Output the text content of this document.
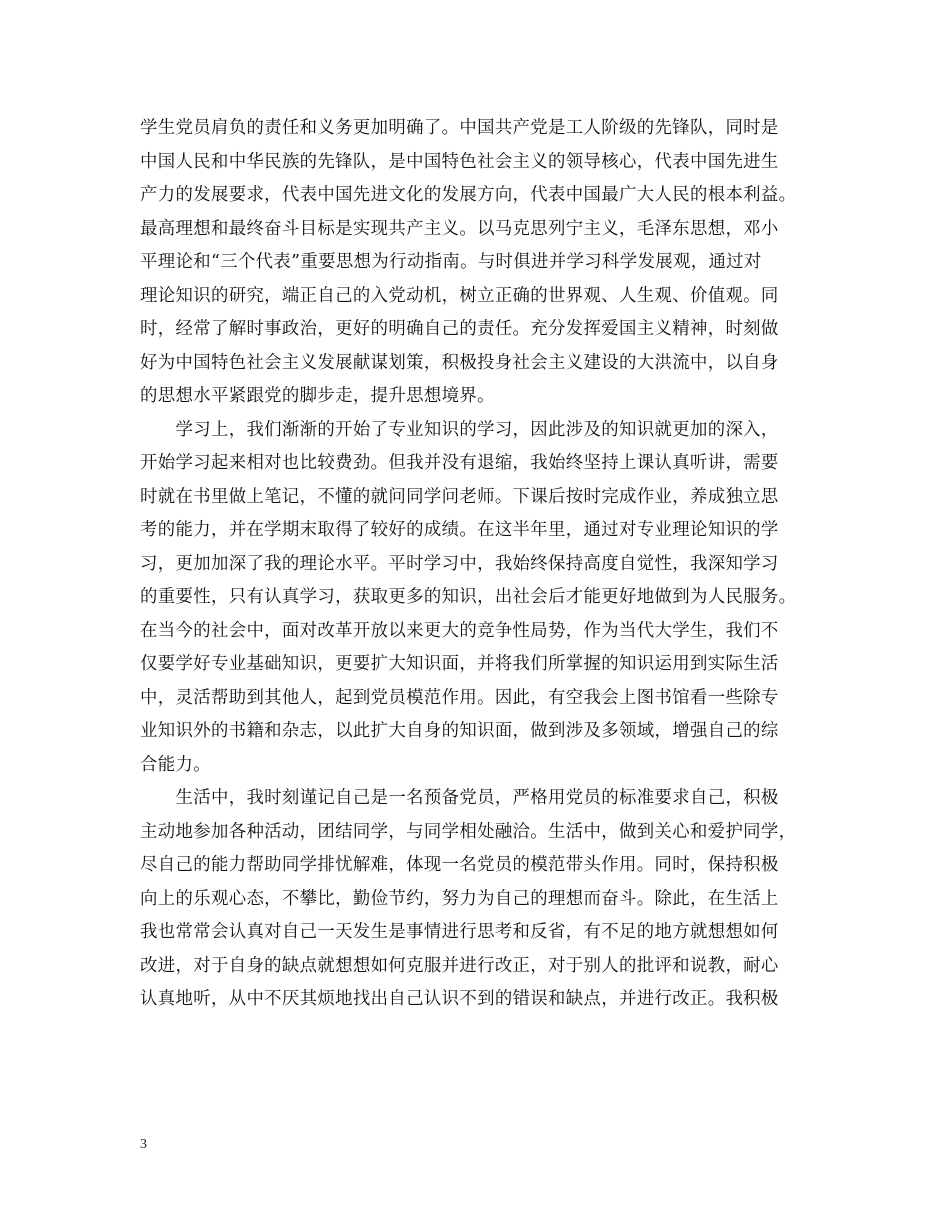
学生党员肩负的责任和义务更加明确了。中国共产党是工人阶级的先锋队，同时是
中国人民和中华民族的先锋队，是中国特色社会主义的领导核心，代表中国先进生
产力的发展要求，代表中国先进文化的发展方向，代表中国最广大人民的根本利益。
最高理想和最终奋斗目标是实现共产主义。以马克思列宁主义，毛泽东思想，邓小
平理论和“三个代表”重要思想为行动指南。与时俱进并学习科学发展观，通过对
理论知识的研究，端正自己的入党动机，树立正确的世界观、人生观、价值观。同
时，经常了解时事政治，更好的明确自己的责任。充分发挥爱国主义精神，时刻做
好为中国特色社会主义发展献谋划策，积极投身社会主义建设的大洪流中，以自身
的思想水平紧跟党的脚步走，提升思想境界。
　　学习上，我们渐渐的开始了专业知识的学习，因此涉及的知识就更加的深入，
开始学习起来相对也比较费劲。但我并没有退缩，我始终坚持上课认真听讲，需要
时就在书里做上笔记，不懂的就问同学问老师。下课后按时完成作业，养成独立思
考的能力，并在学期末取得了较好的成绩。在这半年里，通过对专业理论知识的学
习，更加加深了我的理论水平。平时学习中，我始终保持高度自觉性，我深知学习
的重要性，只有认真学习，获取更多的知识，出社会后才能更好地做到为人民服务。
在当今的社会中，面对改革开放以来更大的竞争性局势，作为当代大学生，我们不
仅要学好专业基础知识，更要扩大知识面，并将我们所掌握的知识运用到实际生活
中，灵活帮助到其他人，起到党员模范作用。因此，有空我会上图书馆看一些除专
业知识外的书籍和杂志，以此扩大自身的知识面，做到涉及多领域，增强自己的综
合能力。
　　生活中，我时刻谨记自己是一名预备党员，严格用党员的标准要求自己，积极
主动地参加各种活动，团结同学，与同学相处融洽。生活中，做到关心和爱护同学，
尽自己的能力帮助同学排忧解难，体现一名党员的模范带头作用。同时，保持积极
向上的乐观心态，不攀比，勤俭节约，努力为自己的理想而奋斗。除此，在生活上
我也常常会认真对自己一天发生是事情进行思考和反省，有不足的地方就想想如何
改进，对于自身的缺点就想想如何克服并进行改正，对于别人的批评和说教，耐心
认真地听，从中不厌其烦地找出自己认识不到的错误和缺点，并进行改正。我积极
3
